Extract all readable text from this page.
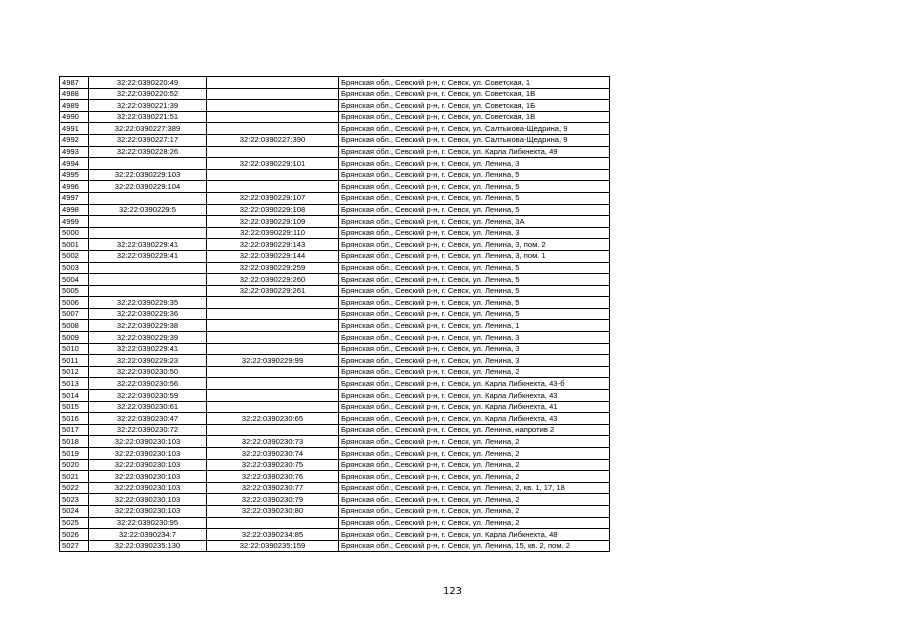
4987	32:22:0390220:49		Брянская обл., Севский р-н, г. Севск, ул. Советская, 1
4988	32:22:0390220:52		Брянская обл., Севский р-н, г. Севск, ул. Советская, 1В
4989	32:22:0390221:39		Брянская обл., Севский р-н, г. Севск, ул. Советская, 1Б
4990	32:22:0390221:51		Брянская обл., Севский р-н, г. Севск, ул. Советская, 1В
4991	32:22:0390227:389		Брянская обл., Севский р-н, г. Севск, ул. Салтыкова-Щедрина, 9
4992	32:22:0390227:17	32:22:0390227:390	Брянская обл., Севский р-н, г. Севск, ул. Салтыкова-Щедрина, 9
4993	32:22:0390228:26		Брянская обл., Севский р-н, г. Севск, ул. Карла Либкнехта, 49
4994		32:22:0390229:101	Брянская обл., Севский р-н, г. Севск, ул. Ленина, 3
4995	32:22:0390229:103		Брянская обл., Севский р-н, г. Севск, ул. Ленина, 5
4996	32:22:0390229:104		Брянская обл., Севский р-н, г. Севск, ул. Ленина, 5
4997		32:22:0390229:107	Брянская обл., Севский р-н, г. Севск, ул. Ленина, 5
4998	32:22:0390229:5	32:22:0390229:108	Брянская обл., Севский р-н, г. Севск, ул. Ленина, 5
4999		32:22:0390229:109	Брянская обл., Севский р-н, г. Севск, ул. Ленина, 3А
5000		32:22:0390229:110	Брянская обл., Севский р-н, г. Севск, ул. Ленина, 3
5001	32:22:0390229:41	32:22:0390229:143	Брянская обл., Севский р-н, г. Севск, ул. Ленина, 3, пом. 2
5002	32:22:0390229:41	32:22:0390229:144	Брянская обл., Севский р-н, г. Севск, ул. Ленина, 3, пом. 1
5003		32:22:0390229:259	Брянская обл., Севский р-н, г. Севск, ул. Ленина, 5
5004		32:22:0390229:260	Брянская обл., Севский р-н, г. Севск, ул. Ленина, 5
5005		32:22:0390229:261	Брянская обл., Севский р-н, г. Севск, ул. Ленина, 5
5006	32:22:0390229:35		Брянская обл., Севский р-н, г. Севск, ул. Ленина, 5
5007	32:22:0390229:36		Брянская обл., Севский р-н, г. Севск, ул. Ленина, 5
5008	32:22:0390229:38		Брянская обл., Севский р-н, г. Севск, ул. Ленина, 1
5009	32:22:0390229:39		Брянская обл., Севский р-н, г. Севск, ул. Ленина, 3
5010	32:22:0390229:41		Брянская обл., Севский р-н, г. Севск, ул. Ленина, 3
5011	32:22:0390229:23	32:22:0390229:99	Брянская обл., Севский р-н, г. Севск, ул. Ленина, 3
5012	32:22:0390230:50		Брянская обл., Севский р-н, г. Севск, ул. Ленина, 2
5013	32:22:0390230:56		Брянская обл., Севский р-н, г. Севск, ул. Карла Либкнехта, 43-б
5014	32:22:0390230:59		Брянская обл., Севский р-н, г. Севск, ул. Карла Либкнехта, 43
5015	32:22:0390230:61		Брянская обл., Севский р-н, г. Севск, ул. Карла Либкнехта, 41
5016	32:22:0390230:47	32:22:0390230:65	Брянская обл., Севский р-н, г. Севск, ул. Карла Либкнехта, 43
5017	32:22:0390230:72		Брянская обл., Севский р-н, г. Севск, ул. Ленина, напротив 2
5018	32:22:0390230:103	32:22:0390230:73	Брянская обл., Севский р-н, г. Севск, ул. Ленина, 2
5019	32:22:0390230:103	32:22:0390230:74	Брянская обл., Севский р-н, г. Севск, ул. Ленина, 2
5020	32:22:0390230:103	32:22:0390230:75	Брянская обл., Севский р-н, г. Севск, ул. Ленина, 2
5021	32:22:0390230:103	32:22:0390230:76	Брянская обл., Севский р-н, г. Севск, ул. Ленина, 2
5022	32:22:0390230:103	32:22:0390230:77	Брянская обл., Севский р-н, г. Севск, ул. Ленина, 2, кв. 1, 17, 18
5023	32:22:0390230:103	32:22:0390230:79	Брянская обл., Севский р-н, г. Севск, ул. Ленина, 2
5024	32:22:0390230:103	32:22:0390230:80	Брянская обл., Севский р-н, г. Севск, ул. Ленина, 2
5025	32:22:0390230:95		Брянская обл., Севский р-н, г. Севск, ул. Ленина, 2
5026	32:22:0390234:7	32:22:0390234:85	Брянская обл., Севский р-н, г. Севск, ул. Карла Либкнехта, 48
5027	32:22:0390235:130	32:22:0390235:159	Брянская обл., Севский р-н, г. Севск, ул. Ленина, 15, кв. 2, пом. 2
123
